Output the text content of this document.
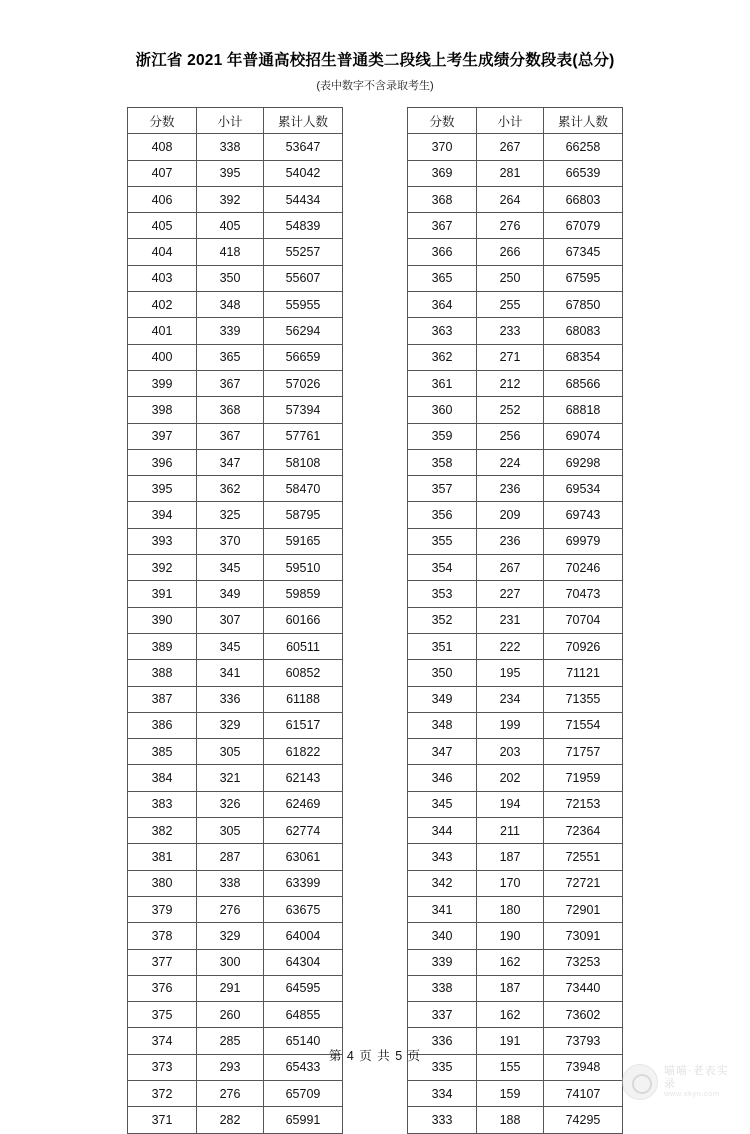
浙江省 2021 年普通高校招生普通类二段线上考生成绩分数段表(总分)
(表中数字不含录取考生)
分数	小计	累计人数
408	338	53647
407	395	54042
406	392	54434
405	405	54839
404	418	55257
403	350	55607
402	348	55955
401	339	56294
400	365	56659
399	367	57026
398	368	57394
397	367	57761
396	347	58108
395	362	58470
394	325	58795
393	370	59165
392	345	59510
391	349	59859
390	307	60166
389	345	60511
388	341	60852
387	336	61188
386	329	61517
385	305	61822
384	321	62143
383	326	62469
382	305	62774
381	287	63061
380	338	63399
379	276	63675
378	329	64004
377	300	64304
376	291	64595
375	260	64855
374	285	65140
373	293	65433
372	276	65709
371	282	65991
分数	小计	累计人数
370	267	66258
369	281	66539
368	264	66803
367	276	67079
366	266	67345
365	250	67595
364	255	67850
363	233	68083
362	271	68354
361	212	68566
360	252	68818
359	256	69074
358	224	69298
357	236	69534
356	209	69743
355	236	69979
354	267	70246
353	227	70473
352	231	70704
351	222	70926
350	195	71121
349	234	71355
348	199	71554
347	203	71757
346	202	71959
345	194	72153
344	211	72364
343	187	72551
342	170	72721
341	180	72901
340	190	73091
339	162	73253
338	187	73440
337	162	73602
336	191	73793
335	155	73948
334	159	74107
333	188	74295
第 4 页 共 5 页
喵喵·老表实录
www.xkyn.com
